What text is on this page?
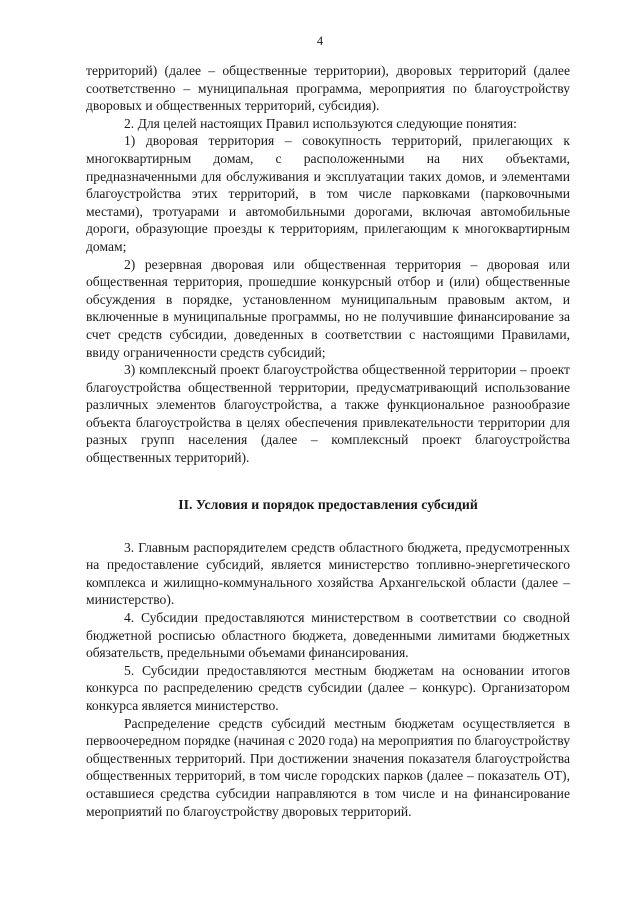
4

территорий) (далее – общественные территории), дворовых территорий (далее соответственно – муниципальная программа, мероприятия по благоустройству дворовых и общественных территорий, субсидия).

2. Для целей настоящих Правил используются следующие понятия:

1) дворовая территория – совокупность территорий, прилегающих к многоквартирным домам, с расположенными на них объектами, предназначенными для обслуживания и эксплуатации таких домов, и элементами благоустройства этих территорий, в том числе парковками (парковочными местами), тротуарами и автомобильными дорогами, включая автомобильные дороги, образующие проезды к территориям, прилегающим к многоквартирным домам;

2) резервная дворовая или общественная территория – дворовая или общественная территория, прошедшие конкурсный отбор и (или) общественные обсуждения в порядке, установленном муниципальным правовым актом, и включенные в муниципальные программы, но не получившие финансирование за счет средств субсидии, доведенных в соответствии с настоящими Правилами, ввиду ограниченности средств субсидий;

3) комплексный проект благоустройства общественной территории – проект благоустройства общественной территории, предусматривающий использование различных элементов благоустройства, а также функциональное разнообразие объекта благоустройства в целях обеспечения привлекательности территории для разных групп населения (далее – комплексный проект благоустройства общественных территорий).

II. Условия и порядок предоставления субсидий

3. Главным распорядителем средств областного бюджета, предусмотренных на предоставление субсидий, является министерство топливно-энергетического комплекса и жилищно-коммунального хозяйства Архангельской области (далее – министерство).

4. Субсидии предоставляются министерством в соответствии со сводной бюджетной росписью областного бюджета, доведенными лимитами бюджетных обязательств, предельными объемами финансирования.

5. Субсидии предоставляются местным бюджетам на основании итогов конкурса по распределению средств субсидии (далее – конкурс). Организатором конкурса является министерство.

Распределение средств субсидий местным бюджетам осуществляется в первоочередном порядке (начиная с 2020 года) на мероприятия по благоустройству общественных территорий. При достижении значения показателя благоустройства общественных территорий, в том числе городских парков (далее – показатель ОТ), оставшиеся средства субсидии направляются в том числе и на финансирование мероприятий по благоустройству дворовых территорий.
